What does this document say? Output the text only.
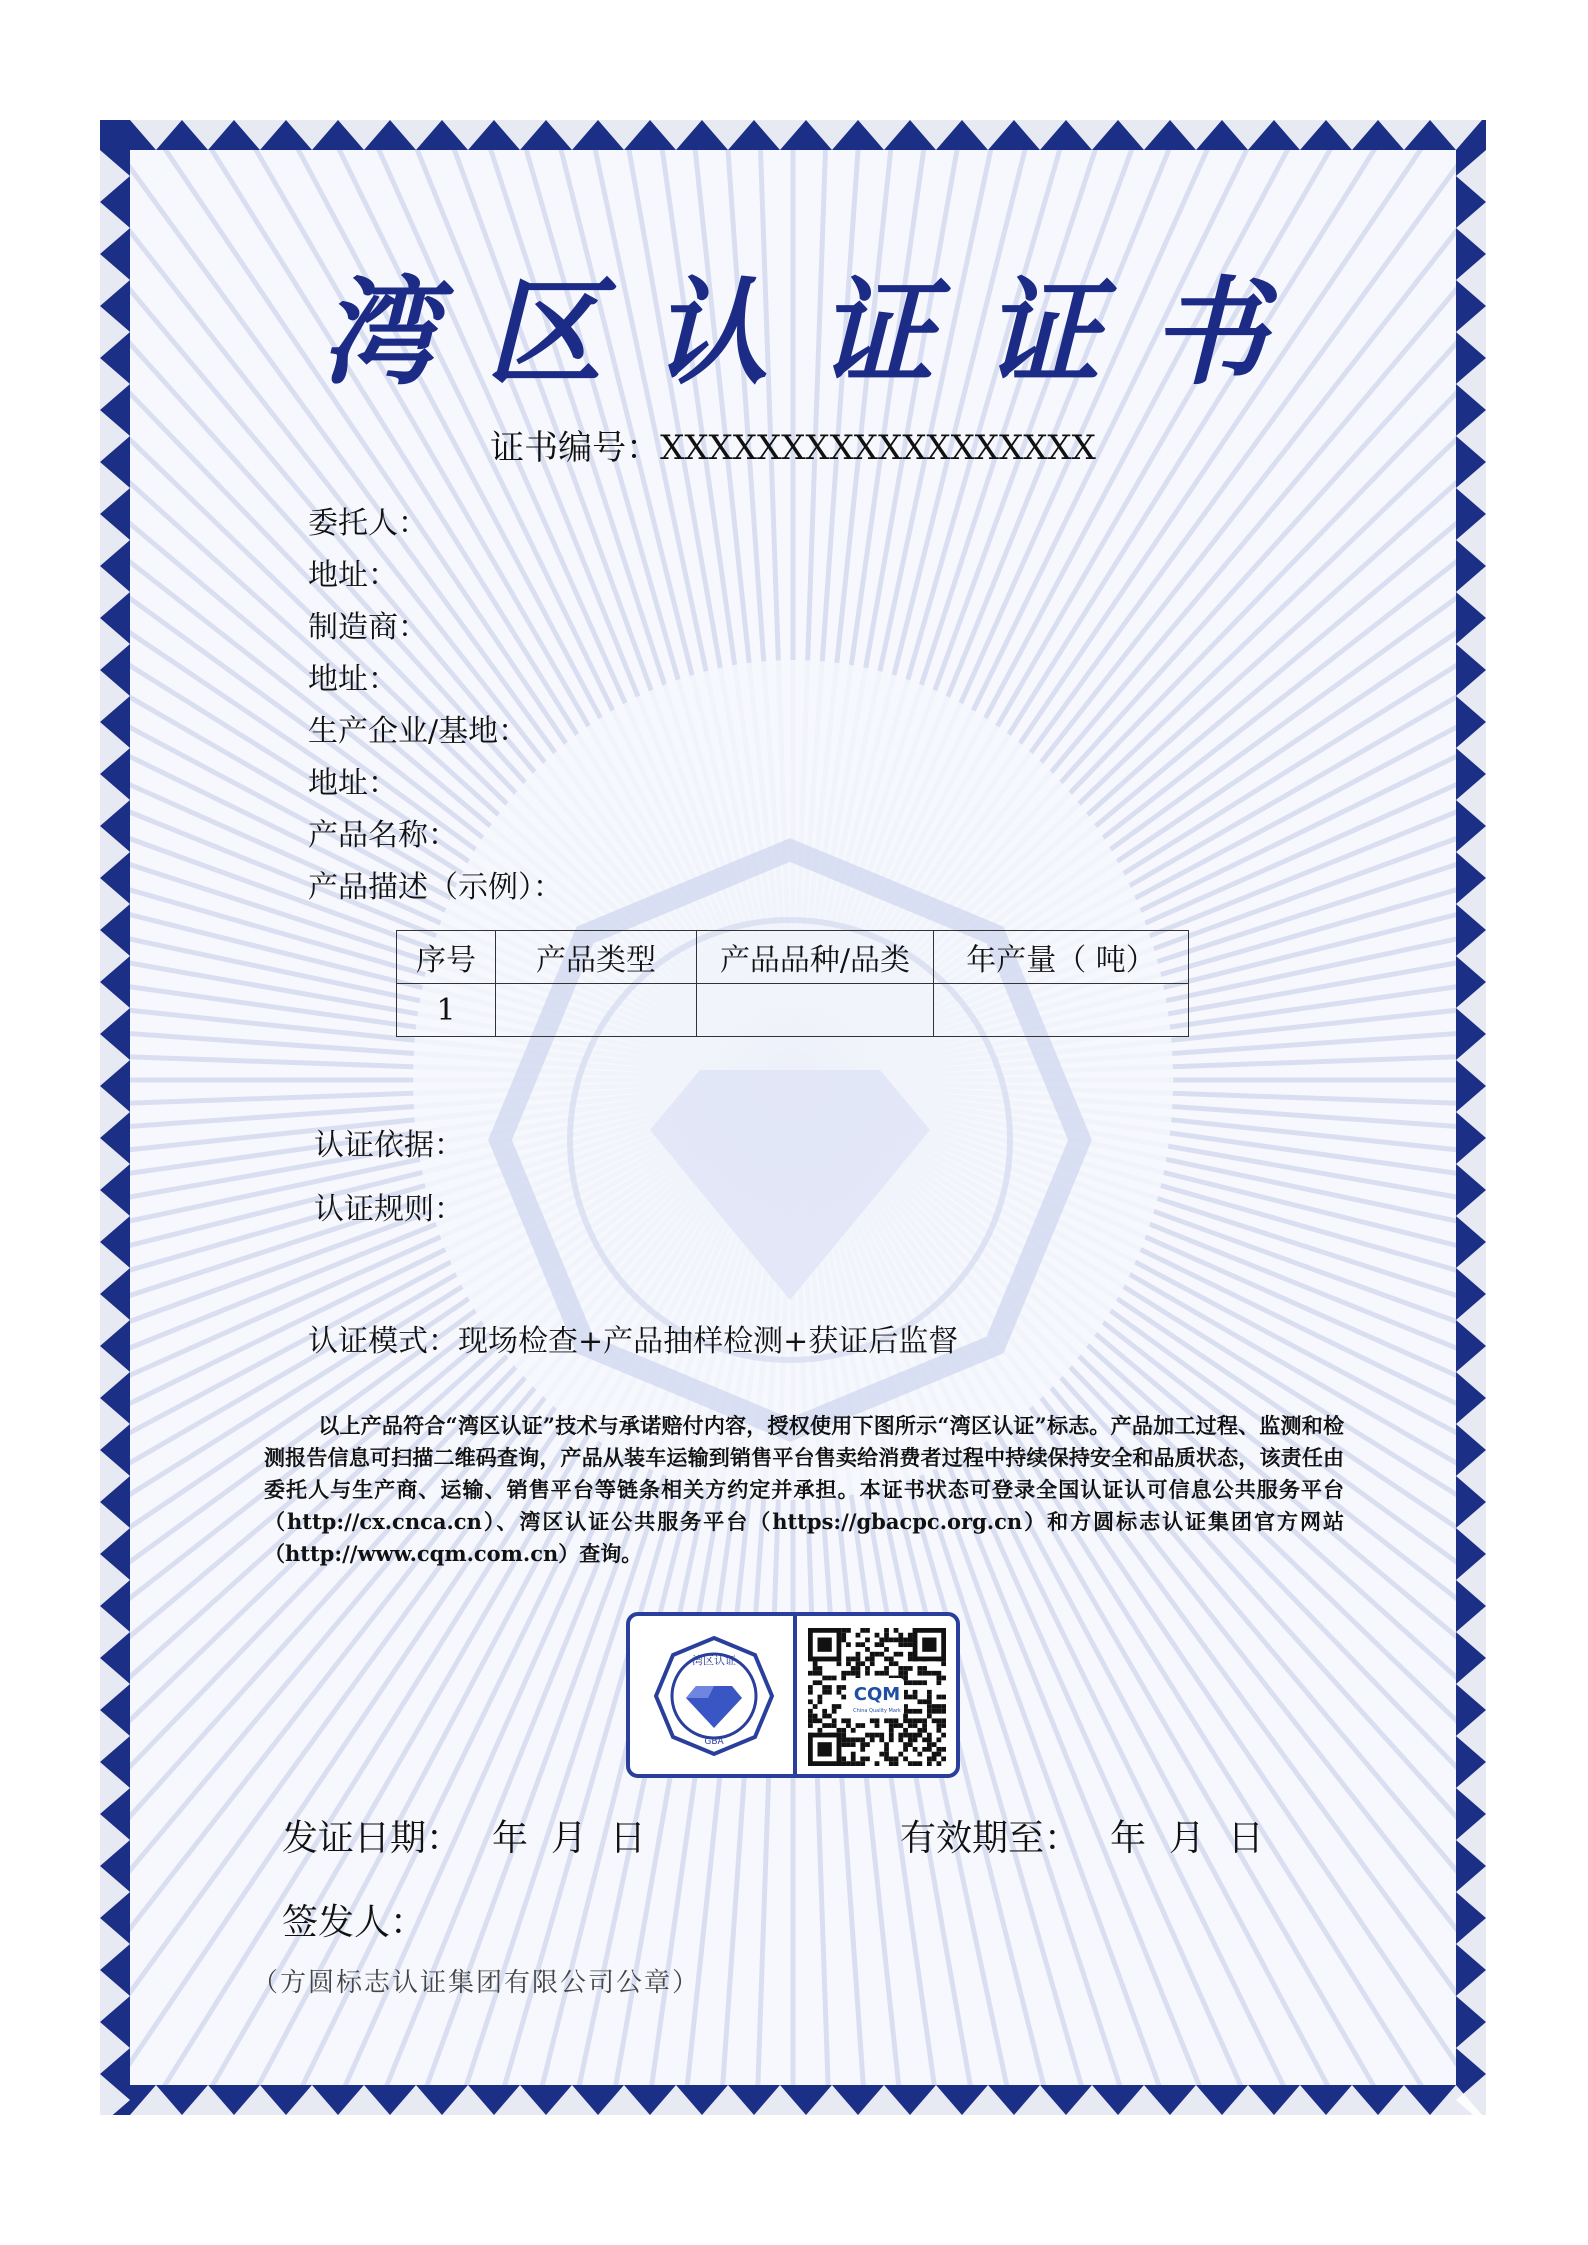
湾区认证证书
证书编号：XXXXXXXXXXXXXXXXXX
委托人：
地址：
制造商：
地址：
生产企业/基地：
地址：
产品名称：
产品描述（示例）：
序号	产品类型	产品品种/品类	年产量（ 吨）
1			
认证依据：
认证规则：
认证模式：现场检查+产品抽样检测+获证后监督
以上产品符合“湾区认证”技术与承诺赔付内容，授权使用下图所示“湾区认证”标志。产品加工过程、监测和检测报告信息可扫描二维码查询，产品从装车运输到销售平台售卖给消费者过程中持续保持安全和品质状态，该责任由委托人与生产商、运输、销售平台等链条相关方约定并承担。本证书状态可登录全国认证认可信息公共服务平台（http://cx.cnca.cn）、湾区认证公共服务平台（https://gbacpc.org.cn）和方圆标志认证集团官方网站（http://www.cqm.com.cn）查询。
湾区认证
GBA
CQM
China Quality Mark
发证日期： 年  月  日	有效期至： 年  月  日
签发人：
（方圆标志认证集团有限公司公章）
